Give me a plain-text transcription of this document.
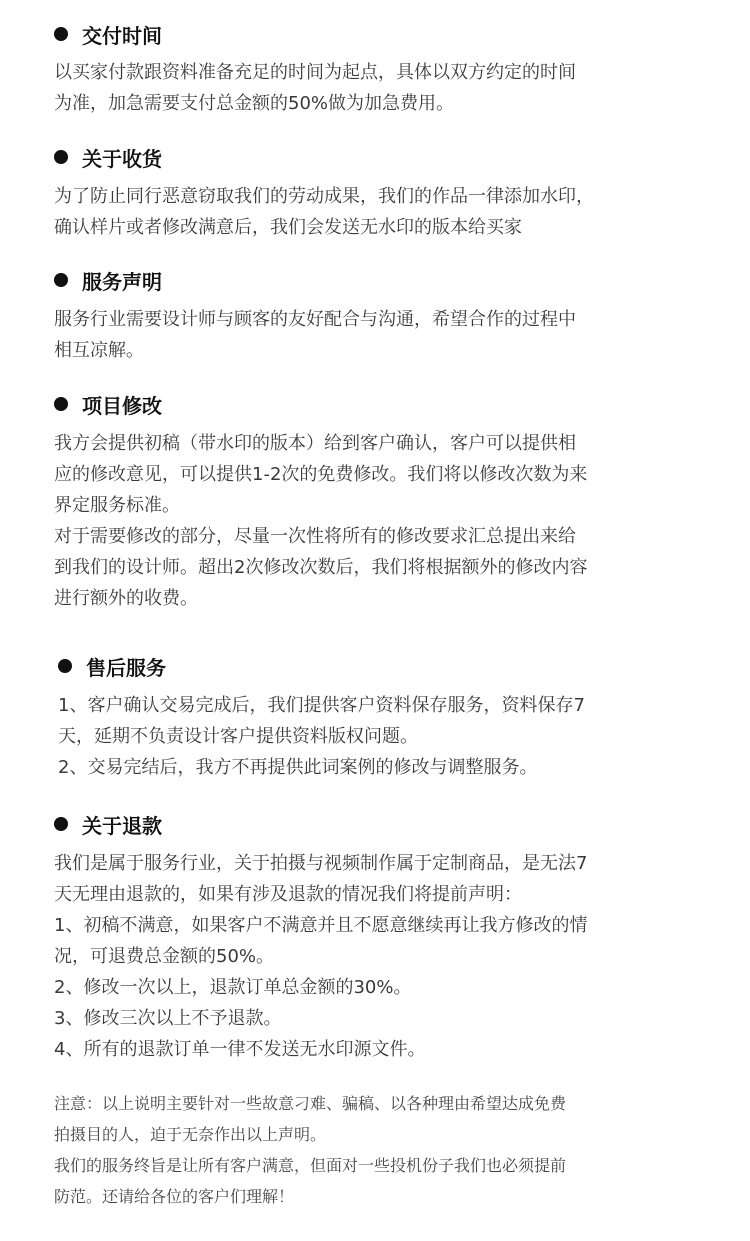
交付时间
以买家付款跟资料准备充足的时间为起点，具体以双方约定的时间
为准，加急需要支付总金额的50%做为加急费用。
关于收货
为了防止同行恶意窃取我们的劳动成果，我们的作品一律添加水印，
确认样片或者修改满意后，我们会发送无水印的版本给买家
服务声明
服务行业需要设计师与顾客的友好配合与沟通，希望合作的过程中
相互凉解。
项目修改
我方会提供初稿（带水印的版本）给到客户确认，客户可以提供相
应的修改意见，可以提供1-2次的免费修改。我们将以修改次数为来
界定服务标准。
对于需要修改的部分，尽量一次性将所有的修改要求汇总提出来给
到我们的设计师。超出2次修改次数后，我们将根据额外的修改内容
进行额外的收费。
售后服务
1、客户确认交易完成后，我们提供客户资料保存服务，资料保存7
天，延期不负责设计客户提供资料版权问题。
2、交易完结后，我方不再提供此词案例的修改与调整服务。
关于退款
我们是属于服务行业，关于拍摄与视频制作属于定制商品，是无法7
天无理由退款的，如果有涉及退款的情况我们将提前声明：
1、初稿不满意，如果客户不满意并且不愿意继续再让我方修改的情
况，可退费总金额的50%。
2、修改一次以上，退款订单总金额的30%。
3、修改三次以上不予退款。
4、所有的退款订单一律不发送无水印源文件。
注意：以上说明主要针对一些故意刁难、骗稿、以各种理由希望达成免费
拍摄目的人，迫于无奈作出以上声明。
我们的服务终旨是让所有客户满意，但面对一些投机份子我们也必须提前
防范。还请给各位的客户们理解！
